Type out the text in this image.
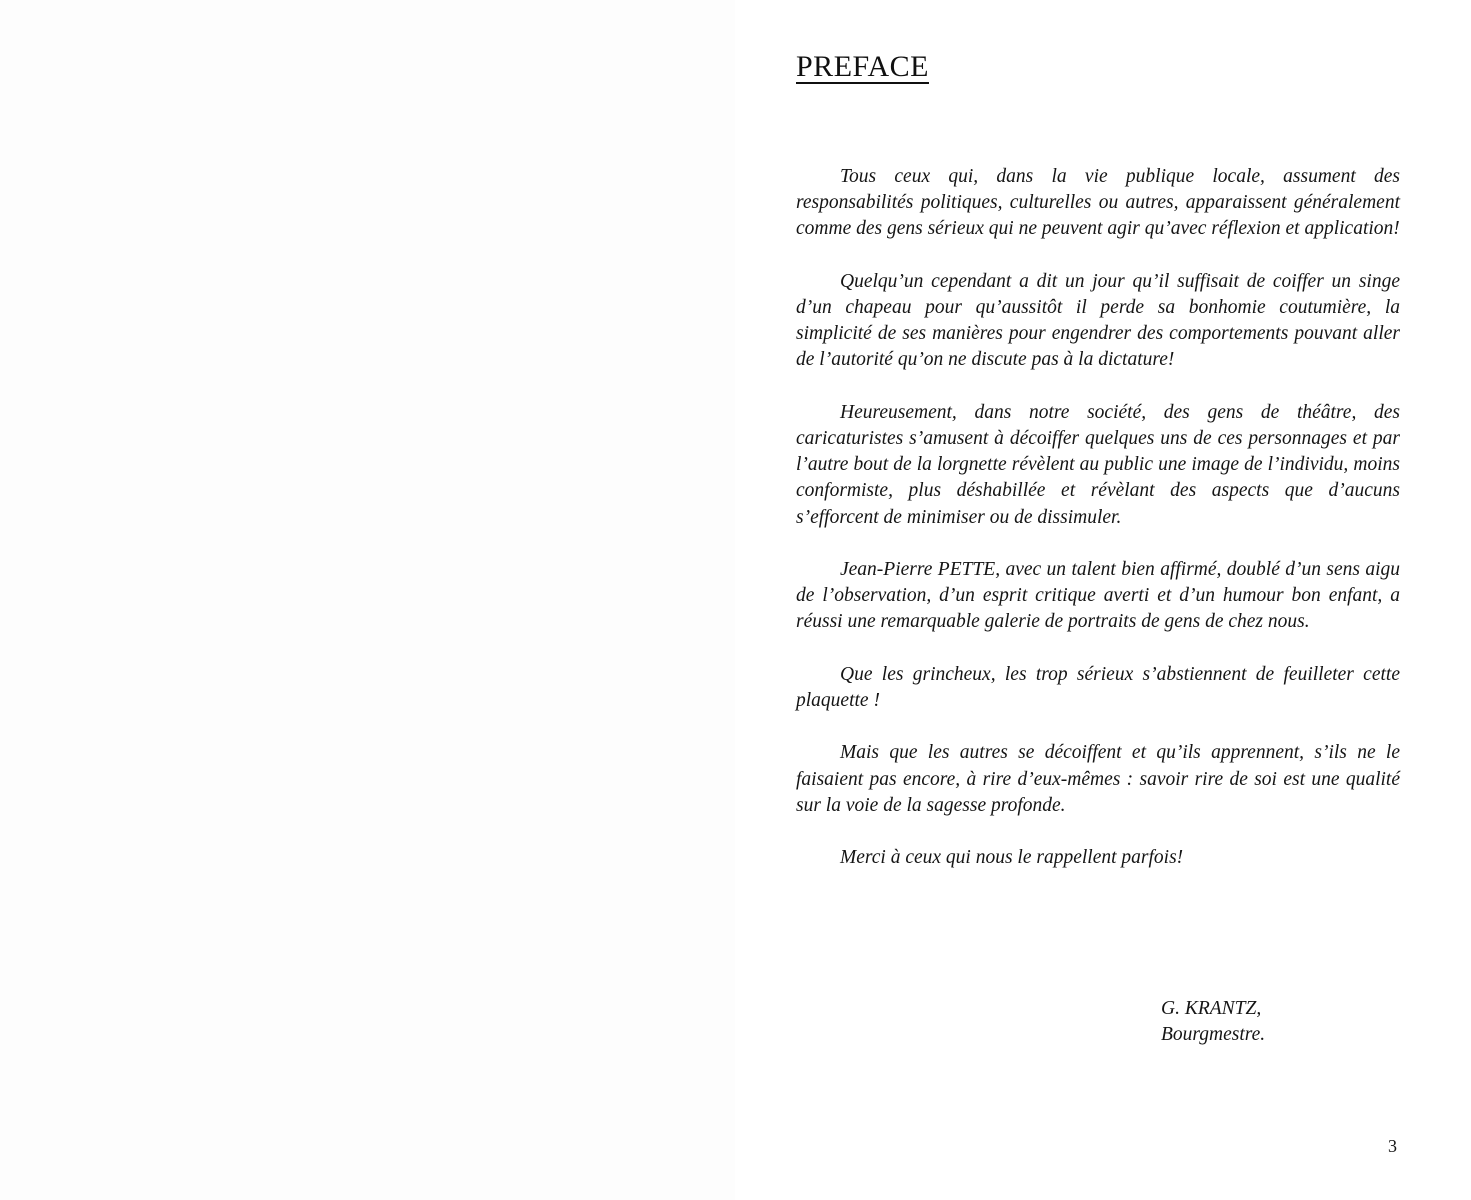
PREFACE

Tous ceux qui, dans la vie publique locale, assument des responsabilités politiques, culturelles ou autres, apparaissent généralement comme des gens sérieux qui ne peuvent agir qu’avec réflexion et application!

Quelqu’un cependant a dit un jour qu’il suffisait de coiffer un singe d’un chapeau pour qu’aussitôt il perde sa bonhomie coutumière, la simplicité de ses manières pour engendrer des comportements pouvant aller de l’autorité qu’on ne discute pas à la dictature!

Heureusement, dans notre société, des gens de théâtre, des caricaturistes s’amusent à décoiffer quelques uns de ces personnages et par l’autre bout de la lorgnette révèlent au public une image de l’individu, moins conformiste, plus déshabillée et révèlant des aspects que d’aucuns s’efforcent de minimiser ou de dissimuler.

Jean-Pierre PETTE, avec un talent bien affirmé, doublé d’un sens aigu de l’observation, d’un esprit critique averti et d’un humour bon enfant, a réussi une remarquable galerie de portraits de gens de chez nous.

Que les grincheux, les trop sérieux s’abstiennent de feuilleter cette plaquette !

Mais que les autres se décoiffent et qu’ils apprennent, s’ils ne le faisaient pas encore, à rire d’eux-mêmes : savoir rire de soi est une qualité sur la voie de la sagesse profonde.

Merci à ceux qui nous le rappellent parfois!

G. KRANTZ,
Bourgmestre.
3
